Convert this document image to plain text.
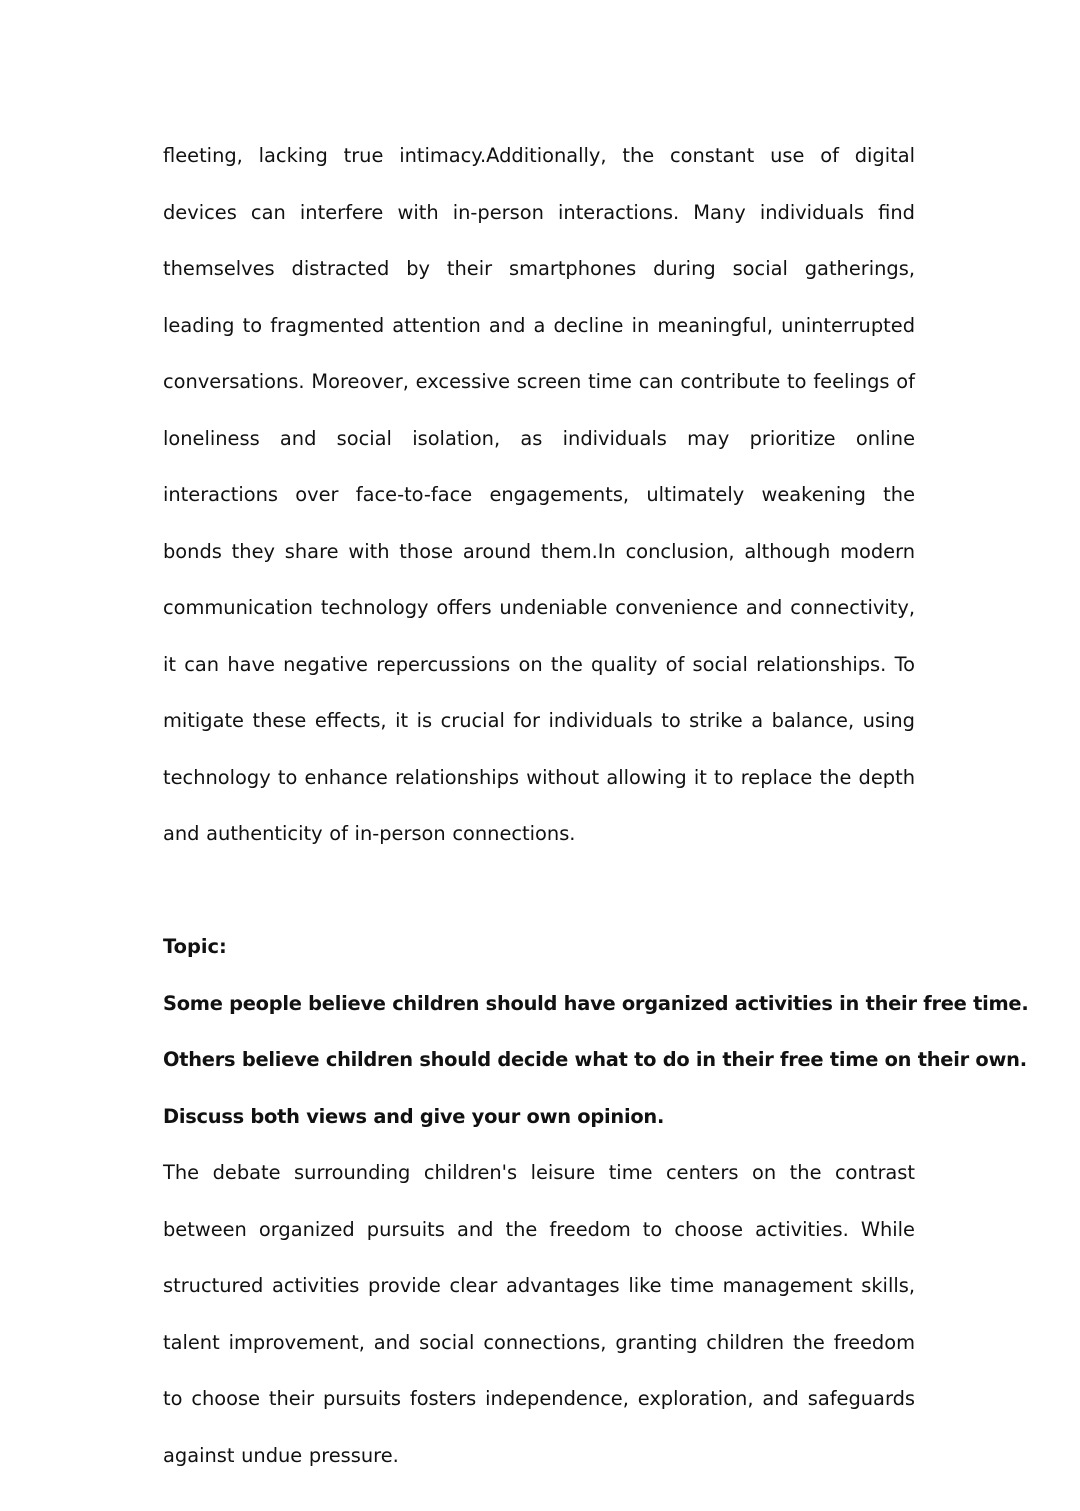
fleeting, lacking true intimacy.Additionally, the constant use of digital devices can interfere with in-person interactions. Many individuals find themselves distracted by their smartphones during social gatherings, leading to fragmented attention and a decline in meaningful, uninterrupted conversations. Moreover, excessive screen time can contribute to feelings of loneliness and social isolation, as individuals may prioritize online interactions over face-to-face engagements, ultimately weakening the bonds they share with those around them.In conclusion, although modern communication technology offers undeniable convenience and connectivity, it can have negative repercussions on the quality of social relationships. To mitigate these effects, it is crucial for individuals to strike a balance, using technology to enhance relationships without allowing it to replace the depth and authenticity of in-person connections.

Topic:

Some people believe children should have organized activities in their free time.

Others believe children should decide what to do in their free time on their own.

Discuss both views and give your own opinion.

The debate surrounding children's leisure time centers on the contrast between organized pursuits and the freedom to choose activities. While structured activities provide clear advantages like time management skills, talent improvement, and social connections, granting children the freedom to choose their pursuits fosters independence, exploration, and safeguards against undue pressure.
